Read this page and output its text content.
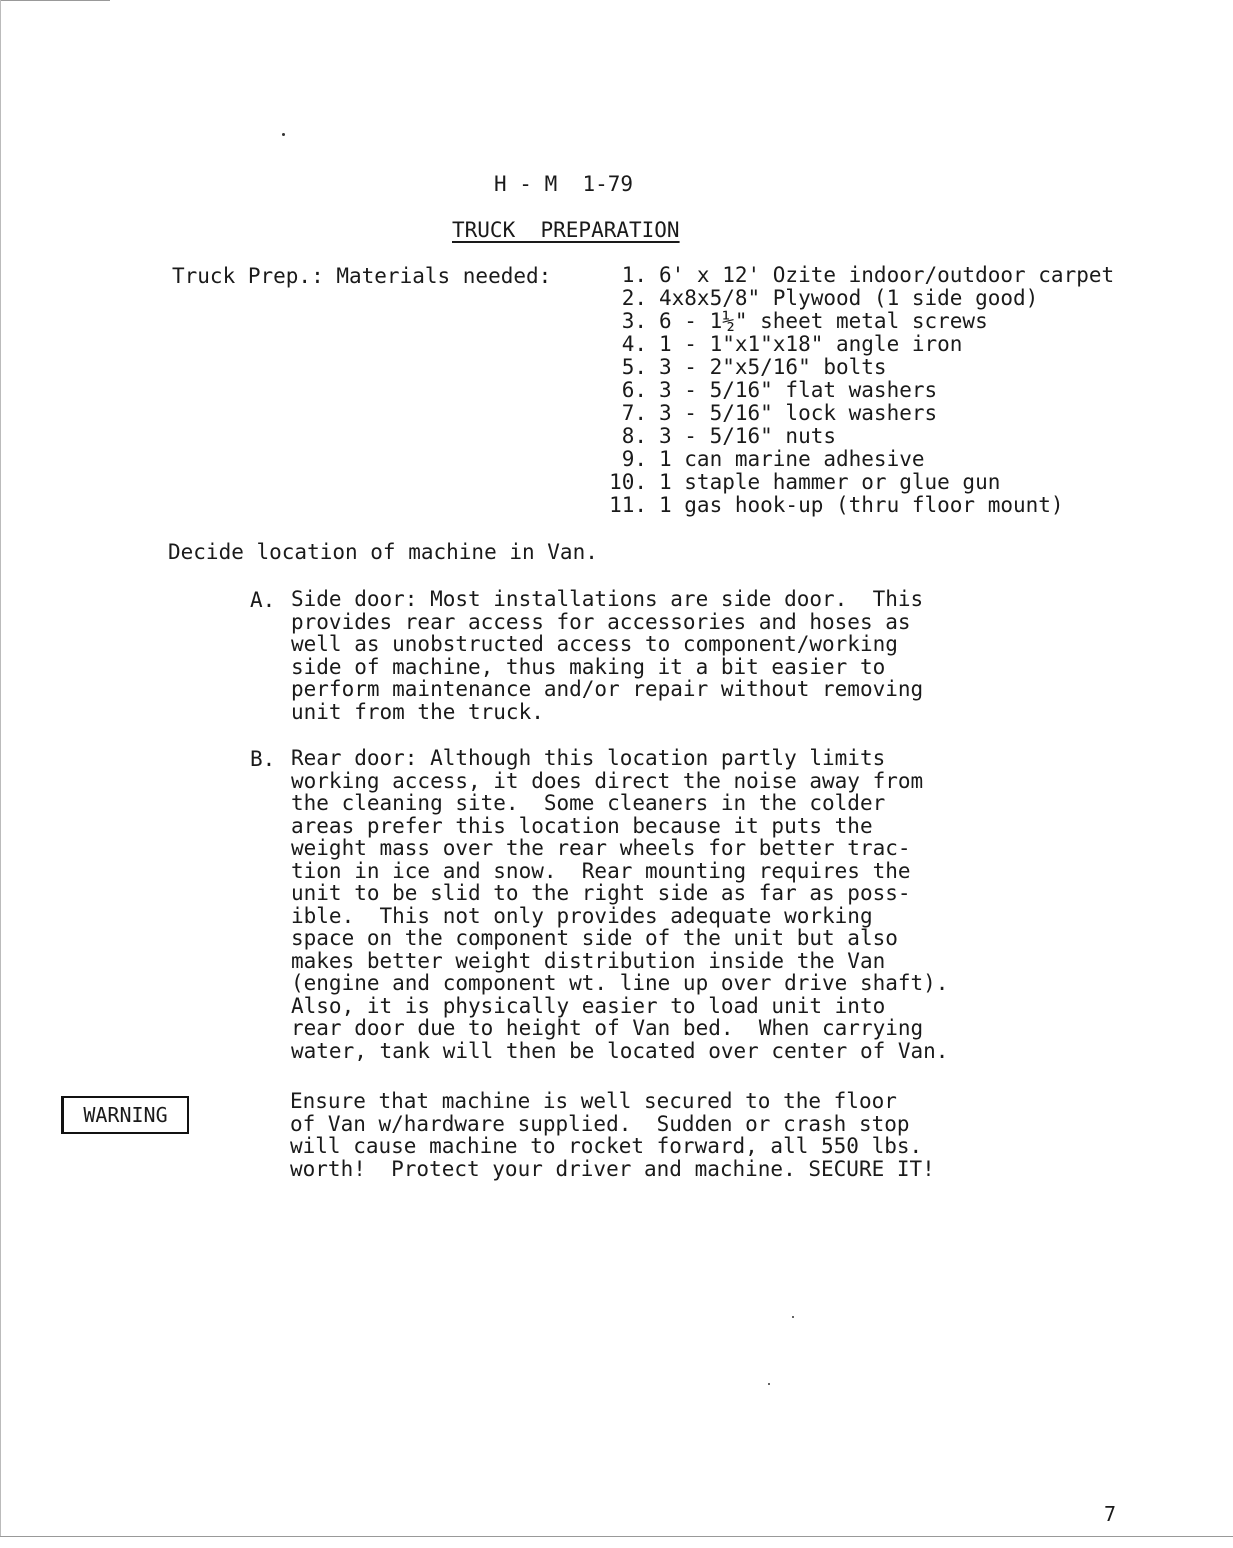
H - M  1-79
TRUCK  PREPARATION
Truck Prep.: Materials needed:	1. 6' x 12' Ozite indoor/outdoor carpet
2. 4x8x5/8" Plywood (1 side good)
3. 6 - 1½" sheet metal screws
4. 1 - 1"x1"x18" angle iron
5. 3 - 2"x5/16" bolts
6. 3 - 5/16" flat washers
7. 3 - 5/16" lock washers
8. 3 - 5/16" nuts
9. 1 can marine adhesive
10. 1 staple hammer or glue gun
11. 1 gas hook-up (thru floor mount)
Decide location of machine in Van.
A. Side door: Most installations are side door.  This
provides rear access for accessories and hoses as
well as unobstructed access to component/working
side of machine, thus making it a bit easier to
perform maintenance and/or repair without removing
unit from the truck.
B. Rear door: Although this location partly limits
working access, it does direct the noise away from
the cleaning site.  Some cleaners in the colder
areas prefer this location because it puts the
weight mass over the rear wheels for better trac-
tion in ice and snow.  Rear mounting requires the
unit to be slid to the right side as far as poss-
ible.  This not only provides adequate working
space on the component side of the unit but also
makes better weight distribution inside the Van
(engine and component wt. line up over drive shaft).
Also, it is physically easier to load unit into
rear door due to height of Van bed.  When carrying
water, tank will then be located over center of Van.
WARNING
Ensure that machine is well secured to the floor
of Van w/hardware supplied.  Sudden or crash stop
will cause machine to rocket forward, all 550 lbs.
worth!  Protect your driver and machine. SECURE IT!
7
